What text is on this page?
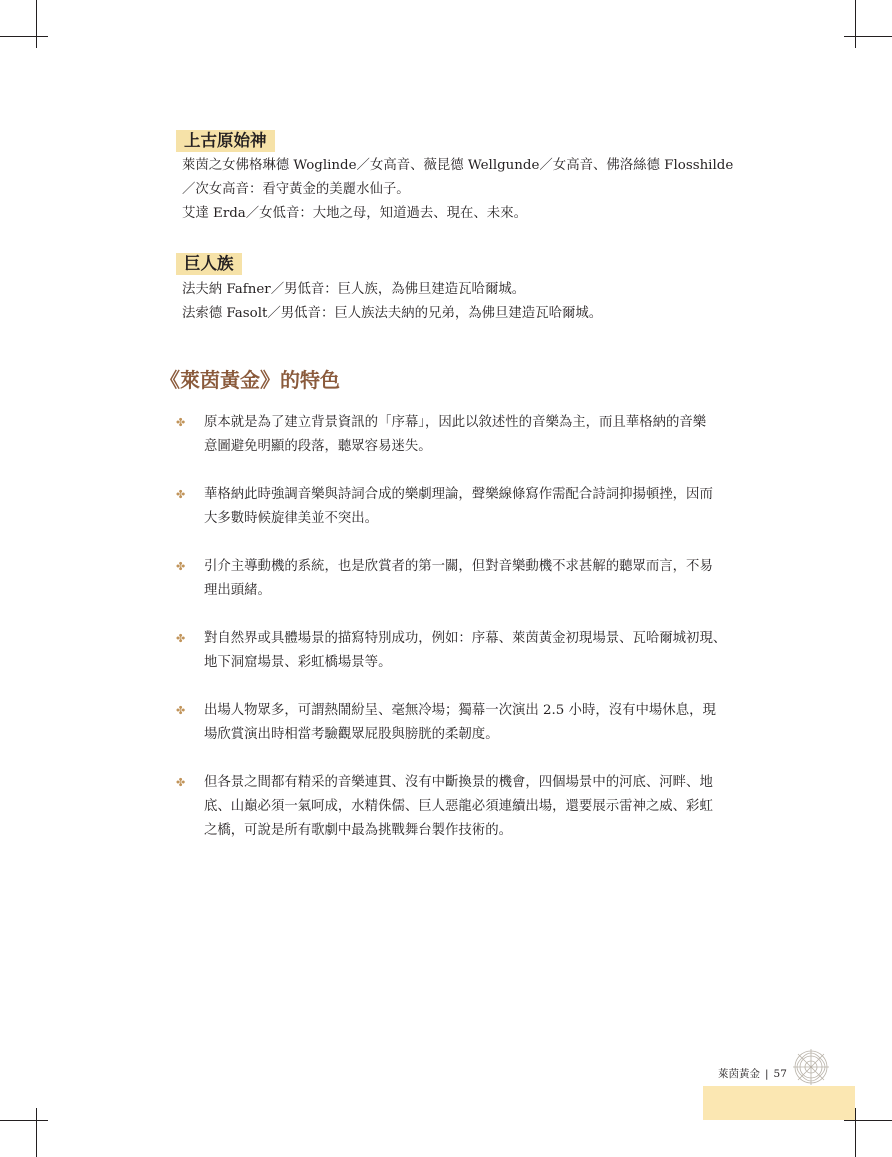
上古原始神
萊茵之女佛格琳德 Woglinde／女高音、薇昆德 Wellgunde／女高音、佛洛絲德 Flosshilde
／次女高音：看守黃金的美麗水仙子。
艾達 Erda／女低音：大地之母，知道過去、現在、未來。
巨人族
法夫納 Fafner／男低音：巨人族，為佛旦建造瓦哈爾城。
法索德 Fasolt／男低音：巨人族法夫納的兄弟，為佛旦建造瓦哈爾城。
《萊茵黃金》的特色
✤ 原本就是為了建立背景資訊的「序幕」，因此以敘述性的音樂為主，而且華格納的音樂
意圖避免明顯的段落，聽眾容易迷失。
✤ 華格納此時強調音樂與詩詞合成的樂劇理論，聲樂線條寫作需配合詩詞抑揚頓挫，因而
大多數時候旋律美並不突出。
✤ 引介主導動機的系統，也是欣賞者的第一關，但對音樂動機不求甚解的聽眾而言，不易
理出頭緒。
✤ 對自然界或具體場景的描寫特別成功，例如：序幕、萊茵黃金初現場景、瓦哈爾城初現、
地下洞窟場景、彩虹橋場景等。
✤ 出場人物眾多，可謂熱鬧紛呈、毫無冷場；獨幕一次演出 2.5 小時，沒有中場休息，現
場欣賞演出時相當考驗觀眾屁股與膀胱的柔韌度。
✤ 但各景之間都有精采的音樂連貫、沒有中斷換景的機會，四個場景中的河底、河畔、地
底、山巔必須一氣呵成，水精侏儒、巨人惡龍必須連續出場，還要展示雷神之威、彩虹
之橋，可說是所有歌劇中最為挑戰舞台製作技術的。
萊茵黃金 | 57
